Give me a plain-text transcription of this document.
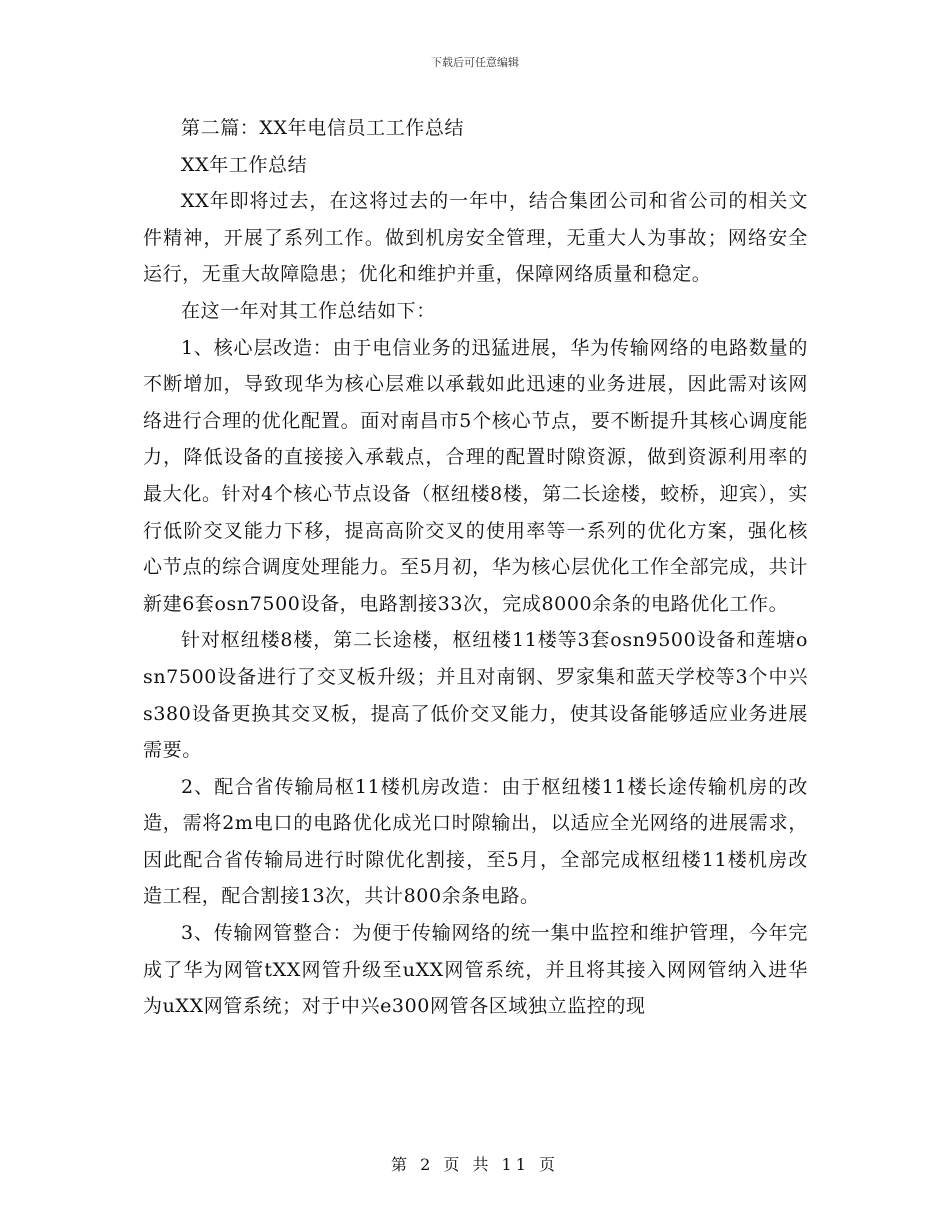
下载后可任意编辑

第二篇：XX年电信员工工作总结

XX年工作总结

XX年即将过去，在这将过去的一年中，结合集团公司和省公司的相关文件精神，开展了系列工作。做到机房安全管理，无重大人为事故；网络安全运行，无重大故障隐患；优化和维护并重，保障网络质量和稳定。

在这一年对其工作总结如下：

1、核心层改造：由于电信业务的迅猛进展，华为传输网络的电路数量的不断增加，导致现华为核心层难以承载如此迅速的业务进展，因此需对该网络进行合理的优化配置。面对南昌市5个核心节点，要不断提升其核心调度能力，降低设备的直接接入承载点，合理的配置时隙资源，做到资源利用率的最大化。针对4个核心节点设备（枢纽楼8楼，第二长途楼，蛟桥，迎宾），实行低阶交叉能力下移，提高高阶交叉的使用率等一系列的优化方案，强化核心节点的综合调度处理能力。至5月初，华为核心层优化工作全部完成，共计新建6套osn7500设备，电路割接33次，完成8000余条的电路优化工作。

针对枢纽楼8楼，第二长途楼，枢纽楼11楼等3套osn9500设备和莲塘osn7500设备进行了交叉板升级；并且对南钢、罗家集和蓝天学校等3个中兴s380设备更换其交叉板，提高了低价交叉能力，使其设备能够适应业务进展需要。

2、配合省传输局枢11楼机房改造：由于枢纽楼11楼长途传输机房的改造，需将2m电口的电路优化成光口时隙输出，以适应全光网络的进展需求，因此配合省传输局进行时隙优化割接，至5月，全部完成枢纽楼11楼机房改造工程，配合割接13次，共计800余条电路。

3、传输网管整合：为便于传输网络的统一集中监控和维护管理，今年完成了华为网管tXX网管升级至uXX网管系统，并且将其接入网网管纳入进华为uXX网管系统；对于中兴e300网管各区域独立监控的现

第 2 页 共 11 页
